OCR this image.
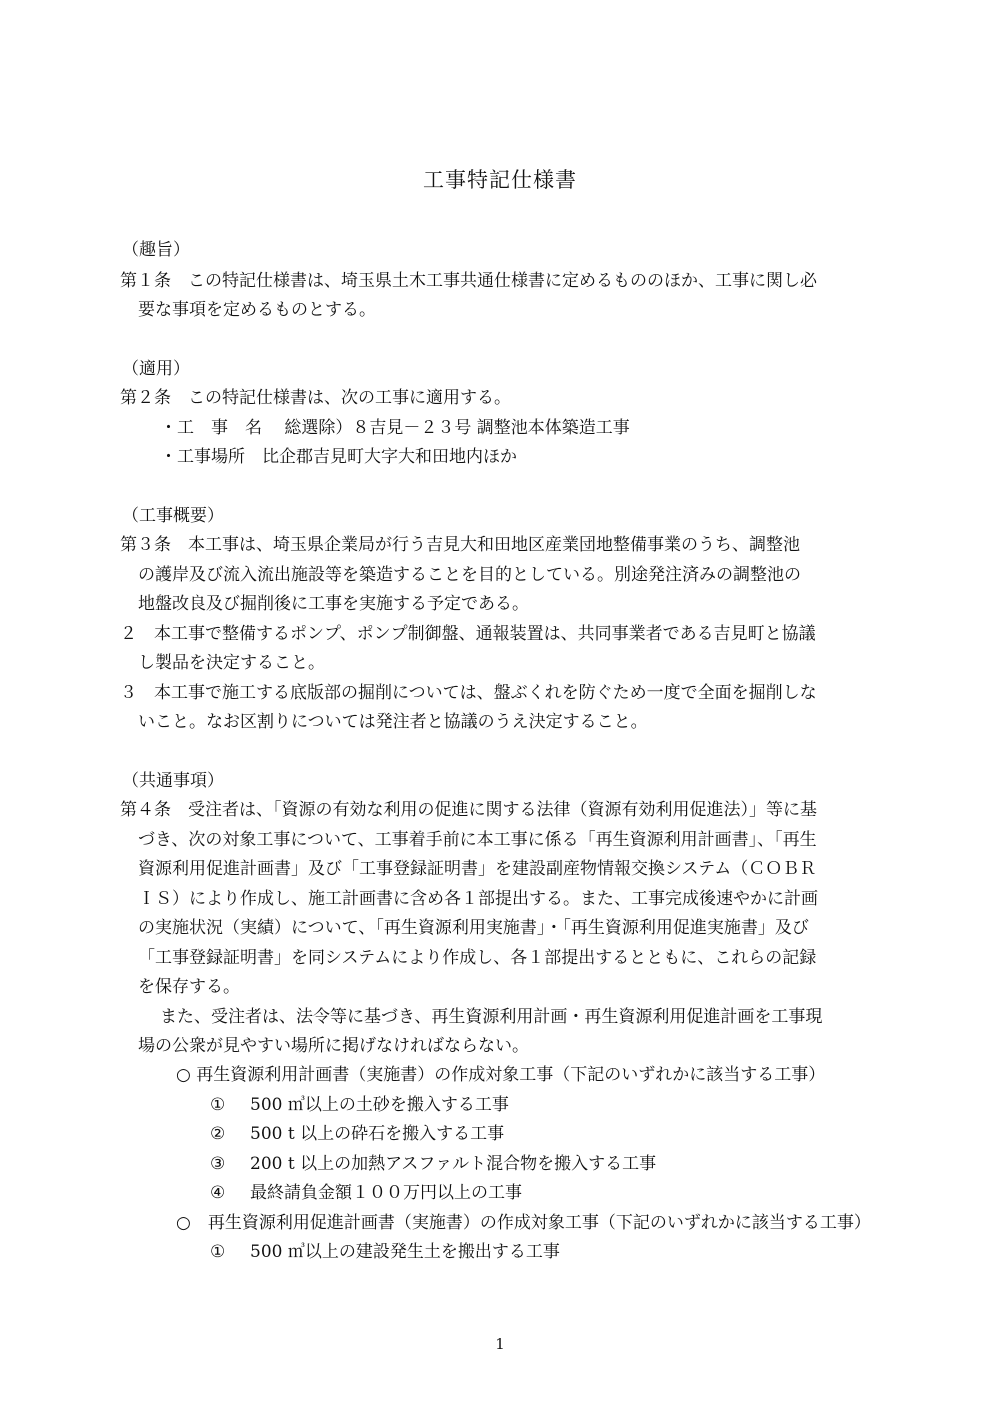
工事特記仕様書
（趣旨）
第１条　この特記仕様書は、埼玉県土木工事共通仕様書に定めるもののほか、工事に関し必
要な事項を定めるものとする。
（適用）
第２条　この特記仕様書は、次の工事に適用する。
・工　事　名　 総選除）８吉見－２３号 調整池本体築造工事
・工事場所　比企郡吉見町大字大和田地内ほか
（工事概要）
第３条　本工事は、埼玉県企業局が行う吉見大和田地区産業団地整備事業のうち、調整池
の護岸及び流入流出施設等を築造することを目的としている。別途発注済みの調整池の
地盤改良及び掘削後に工事を実施する予定である。
２　本工事で整備するポンプ、ポンプ制御盤、通報装置は、共同事業者である吉見町と協議
し製品を決定すること。
３　本工事で施工する底版部の掘削については、盤ぶくれを防ぐため一度で全面を掘削しな
いこと。なお区割りについては発注者と協議のうえ決定すること。
（共通事項）
第４条　受注者は、「資源の有効な利用の促進に関する法律（資源有効利用促進法）」等に基
づき、次の対象工事について、工事着手前に本工事に係る「再生資源利用計画書」、「再生
資源利用促進計画書」及び「工事登録証明書」を建設副産物情報交換システム（ＣＯＢＲ
ＩＳ）により作成し、施工計画書に含め各１部提出する。また、工事完成後速やかに計画
の実施状況（実績）について、「再生資源利用実施書」・「再生資源利用促進実施書」及び
「工事登録証明書」を同システムにより作成し、各１部提出するとともに、これらの記録
を保存する。
また、受注者は、法令等に基づき、再生資源利用計画・再生資源利用促進計画を工事現
場の公衆が見やすい場所に掲げなければならない。
○ 再生資源利用計画書（実施書）の作成対象工事（下記のいずれかに該当する工事）
① 500 ㎥以上の土砂を搬入する工事
② 500 t 以上の砕石を搬入する工事
③ 200 t 以上の加熱アスファルト混合物を搬入する工事
④ 最終請負金額１００万円以上の工事
○　再生資源利用促進計画書（実施書）の作成対象工事（下記のいずれかに該当する工事）
① 500 ㎥以上の建設発生土を搬出する工事
1
